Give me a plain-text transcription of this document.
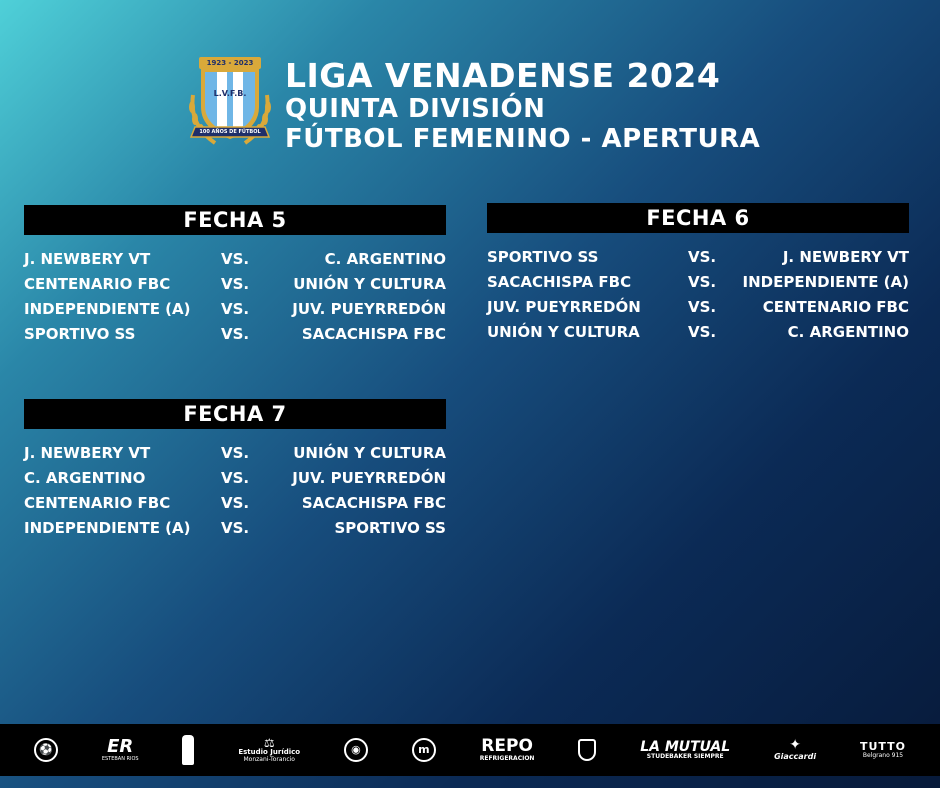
1923 - 2023
L.V.F.B.
100 AÑOS DE FÚTBOL
LIGA VENADENSE 2024
QUINTA DIVISIÓN
FÚTBOL FEMENINO - APERTURA
FECHA 5
J. NEWBERY VT	VS.	C. ARGENTINO
CENTENARIO FBC	VS.	UNIÓN Y CULTURA
INDEPENDIENTE (A) VS.	JUV. PUEYRREDÓN
SPORTIVO SS	VS.	SACACHISPA FBC
FECHA 6
SPORTIVO SS	VS.	J. NEWBERY VT
SACACHISPA FBC	VS. INDEPENDIENTE (A)
JUV. PUEYRREDÓN	VS.	CENTENARIO FBC
UNIÓN Y CULTURA	VS.	C. ARGENTINO
FECHA 7
J. NEWBERY VT	VS.	UNIÓN Y CULTURA
C. ARGENTINO	VS.	JUV. PUEYRREDÓN
CENTENARIO FBC	VS.	SACACHISPA FBC
INDEPENDIENTE (A) VS.	SPORTIVO SS
⚽	ER
ESTEBAN RIOS
⚖
Estudio Jurídico
Monzani-Torancio
◉	m	REPO
REFRIGERACION
LA MUTUAL
STUDEBAKER SIEMPRE
✦
Giaccardi
TUTTO
Belgrano 915
